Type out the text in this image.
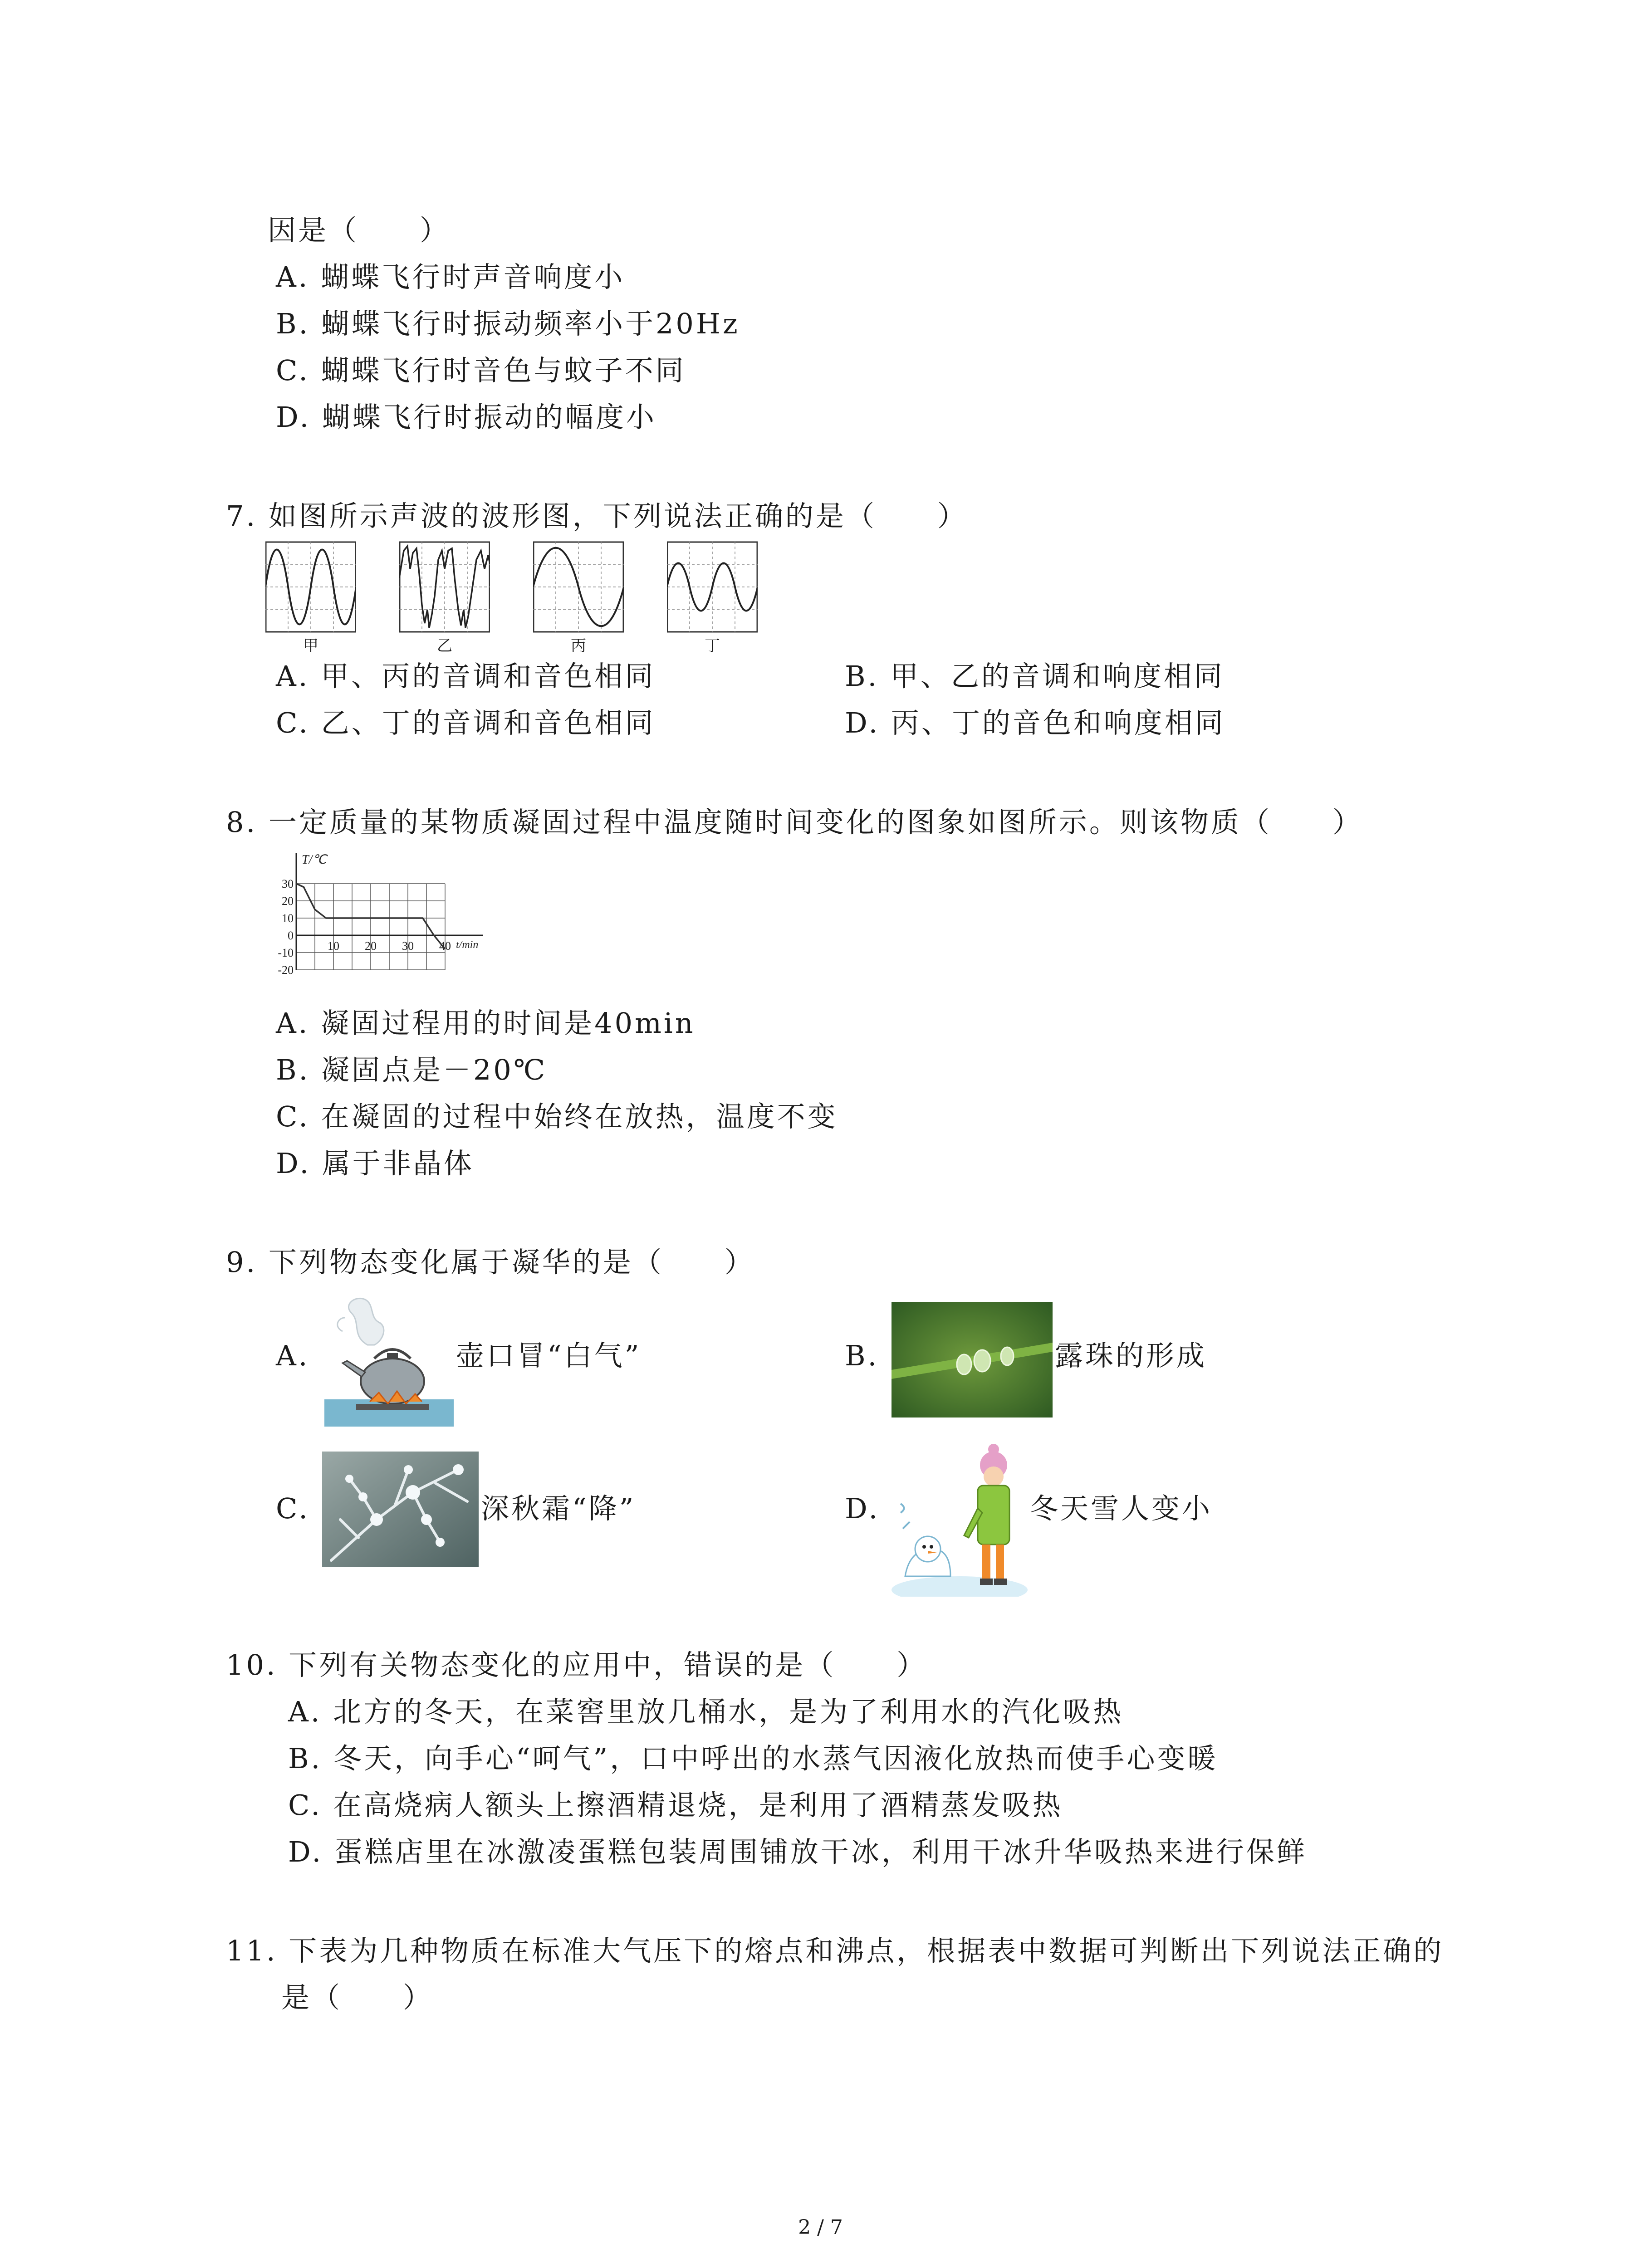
因是（　　）
A. 蝴蝶飞行时声音响度小
B. 蝴蝶飞行时振动频率小于20Hz
C. 蝴蝶飞行时音色与蚊子不同
D. 蝴蝶飞行时振动的幅度小
7. 如图所示声波的波形图，下列说法正确的是（　　）
甲	乙	丙	丁
A. 甲、丙的音调和音色相同	B. 甲、乙的音调和响度相同
C. 乙、丁的音调和音色相同	D. 丙、丁的音色和响度相同
8. 一定质量的某物质凝固过程中温度随时间变化的图象如图所示。则该物质（　　）
30
20
10
0
-10
-20
10 20 30 40
T/℃
t/min
A. 凝固过程用的时间是40min
B. 凝固点是－20℃
C. 在凝固的过程中始终在放热，温度不变
D. 属于非晶体
9. 下列物态变化属于凝华的是（　　）
A.	壶口冒“白气”	B.	露珠的形成
C.	深秋霜“降”	D.	冬天雪人变小
10. 下列有关物态变化的应用中，错误的是（　　）
A. 北方的冬天，在菜窖里放几桶水，是为了利用水的汽化吸热
B. 冬天，向手心“呵气”，口中呼出的水蒸气因液化放热而使手心变暖
C. 在高烧病人额头上擦酒精退烧，是利用了酒精蒸发吸热
D. 蛋糕店里在冰激凌蛋糕包装周围铺放干冰，利用干冰升华吸热来进行保鲜
11. 下表为几种物质在标准大气压下的熔点和沸点，根据表中数据可判断出下列说法正确的
是（　　）
2 / 7
